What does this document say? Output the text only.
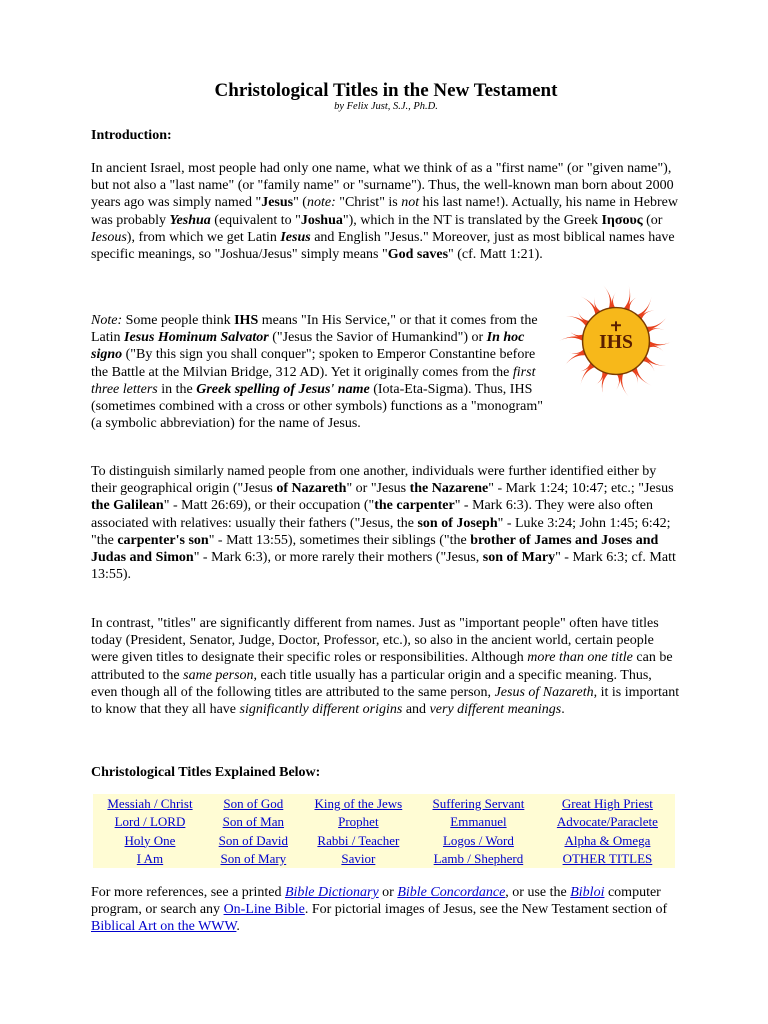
Christological Titles in the New Testament
by Felix Just, S.J., Ph.D.
Introduction:

In ancient Israel, most people had only one name, what we think of as a "first name" (or "given name"), but not also a "last name" (or "family name" or "surname"). Thus, the well-known man born about 2000 years ago was simply named "Jesus" (note: "Christ" is not his last name!). Actually, his name in Hebrew was probably Yeshua (equivalent to "Joshua"), which in the NT is translated by the Greek Ιησους (or Iesous), from which we get Latin Iesus and English "Jesus." Moreover, just as most biblical names have specific meanings, so "Joshua/Jesus" simply means "God saves" (cf. Matt 1:21).

IHS

Note: Some people think IHS means "In His Service," or that it comes from the Latin Iesus Hominum Salvator ("Jesus the Savior of Humankind") or In hoc signo ("By this sign you shall conquer"; spoken to Emperor Constantine before the Battle at the Milvian Bridge, 312 AD). Yet it originally comes from the first three letters in the Greek spelling of Jesus' name (Iota-Eta-Sigma). Thus, IHS (sometimes combined with a cross or other symbols) functions as a "monogram" (a symbolic abbreviation) for the name of Jesus.

To distinguish similarly named people from one another, individuals were further identified either by their geographical origin ("Jesus of Nazareth" or "Jesus the Nazarene" - Mark 1:24; 10:47; etc.; "Jesus the Galilean" - Matt 26:69), or their occupation ("the carpenter" - Mark 6:3). They were also often associated with relatives: usually their fathers ("Jesus, the son of Joseph" - Luke 3:24; John 1:45; 6:42; "the carpenter's son" - Matt 13:55), sometimes their siblings ("the brother of James and Joses and Judas and Simon" - Mark 6:3), or more rarely their mothers ("Jesus, son of Mary" - Mark 6:3; cf. Matt 13:55).

In contrast, "titles" are significantly different from names. Just as "important people" often have titles today (President, Senator, Judge, Doctor, Professor, etc.), so also in the ancient world, certain people were given titles to designate their specific roles or responsibilities. Although more than one title can be attributed to the same person, each title usually has a particular origin and a specific meaning. Thus, even though all of the following titles are attributed to the same person, Jesus of Nazareth, it is important to know that they all have significantly different origins and very different meanings.

Christological Titles Explained Below:
Messiah / Christ	Son of God	King of the Jews	Suffering Servant	Great High Priest
Lord / LORD	Son of Man	Prophet	Emmanuel	Advocate/Paraclete
Holy One	Son of David	Rabbi / Teacher	Logos / Word	Alpha & Omega
I Am	Son of Mary	Savior	Lamb / Shepherd	OTHER TITLES

For more references, see a printed Bible Dictionary or Bible Concordance, or use the Bibloi computer program, or search any On-Line Bible. For pictorial images of Jesus, see the New Testament section of Biblical Art on the WWW.
